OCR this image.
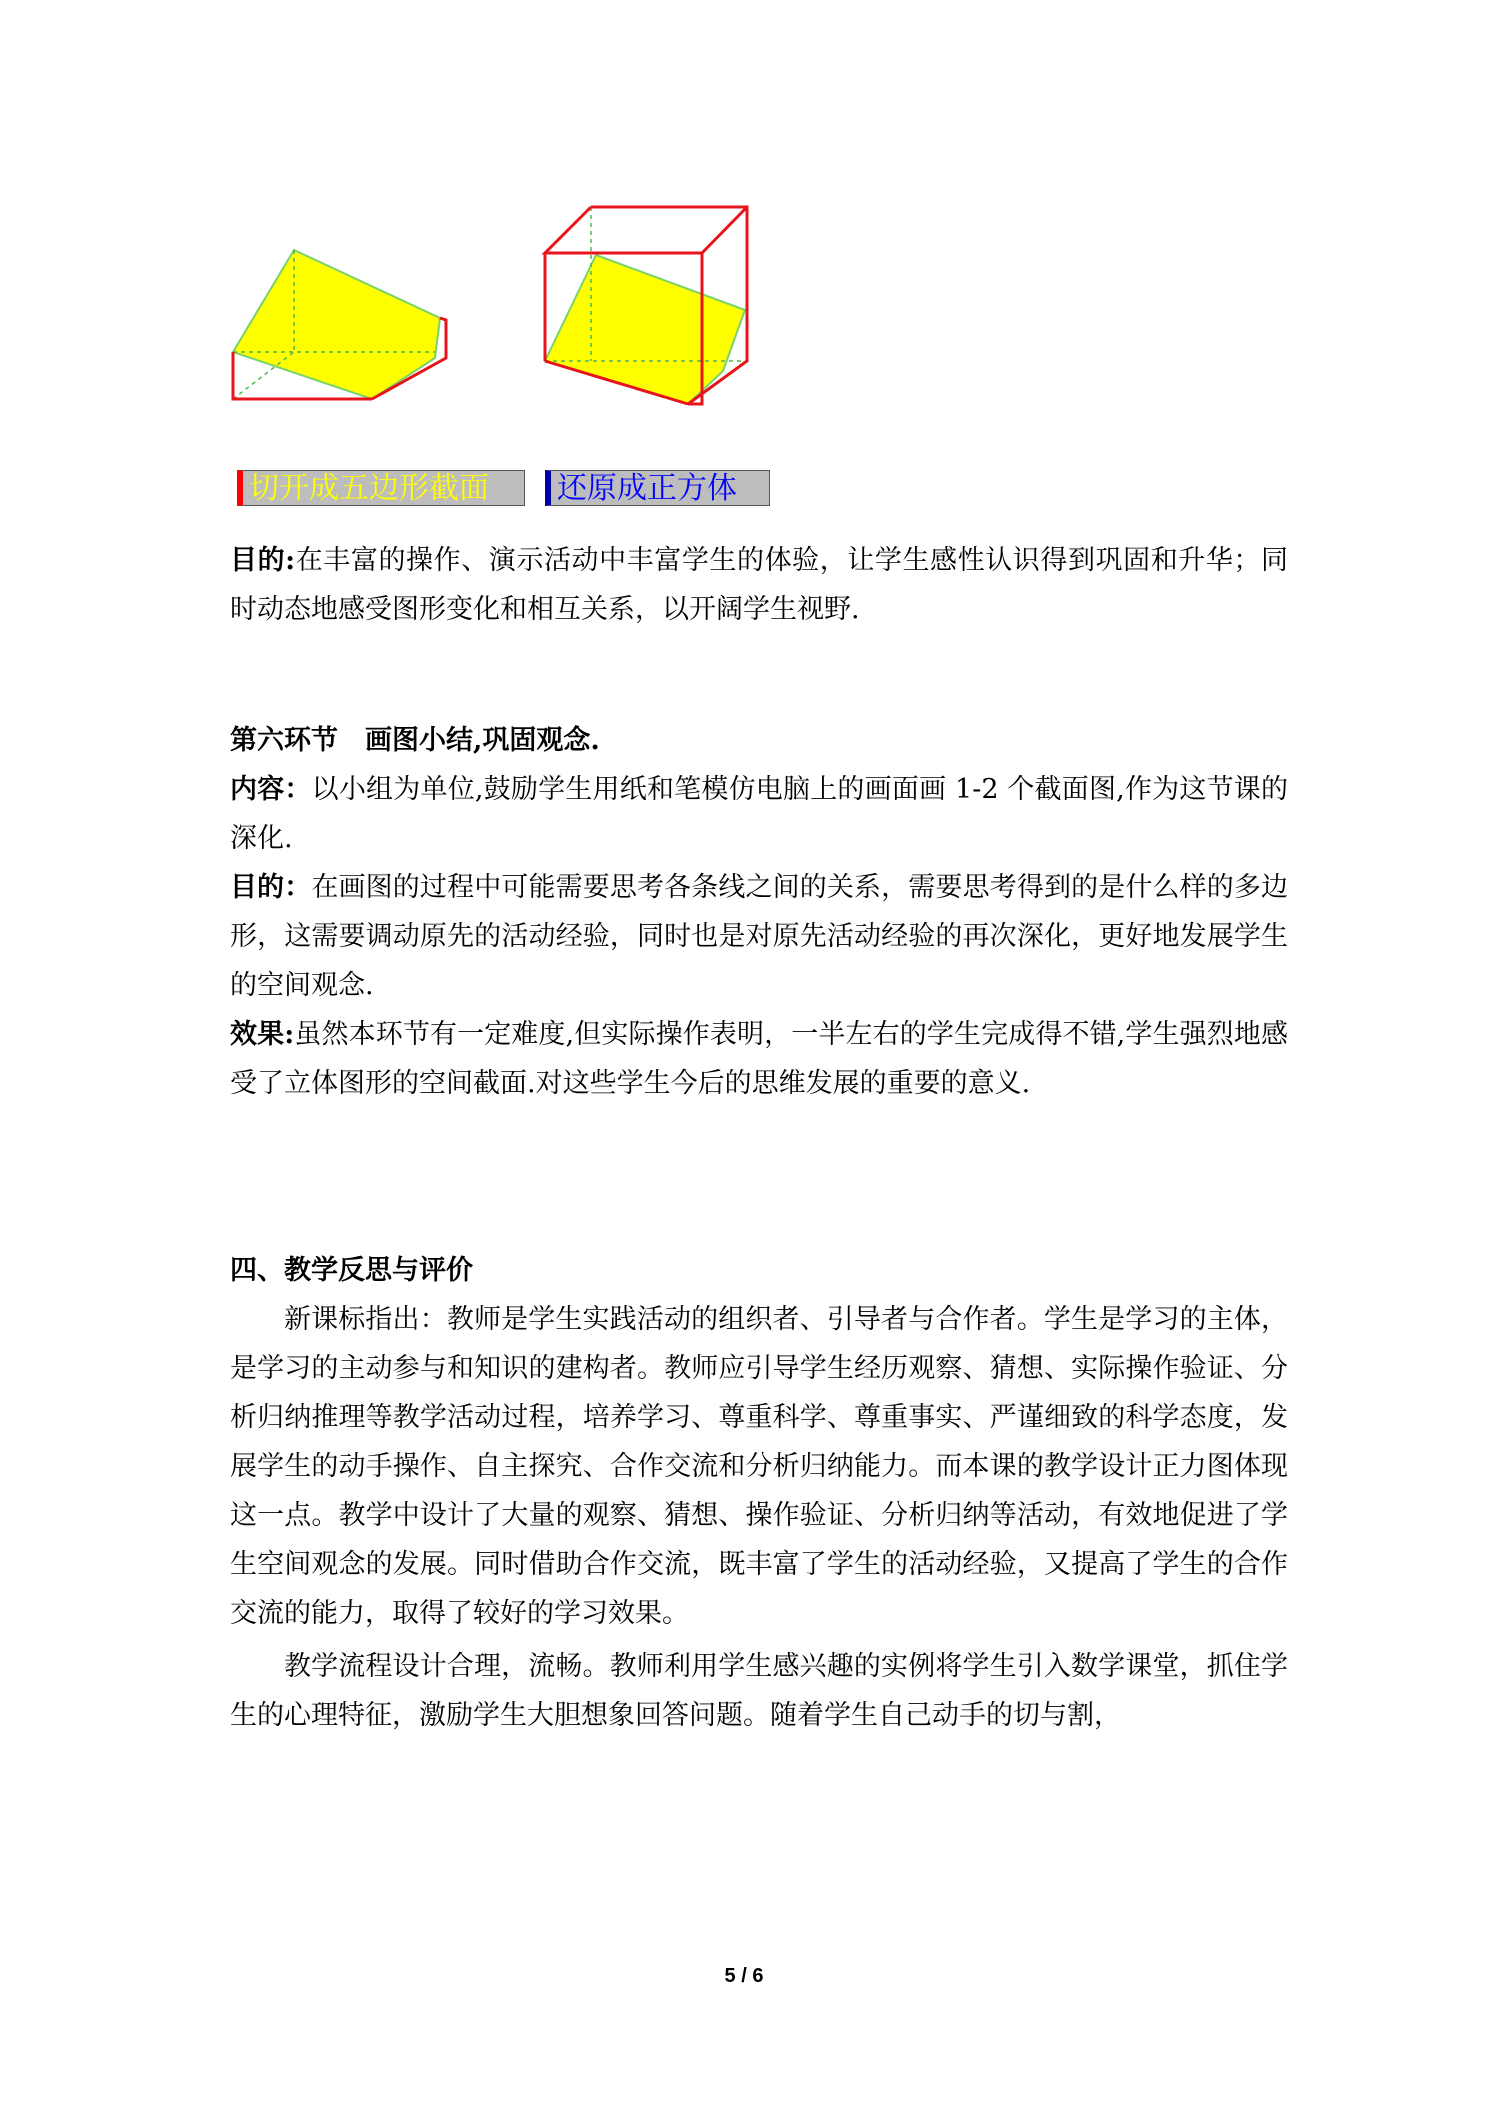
切开成五边形截面	还原成正方体

目的:在丰富的操作、演示活动中丰富学生的体验，让学生感性认识得到巩固和升华；同时动态地感受图形变化和相互关系，以开阔学生视野.

第六环节　画图小结,巩固观念.

内容：以小组为单位,鼓励学生用纸和笔模仿电脑上的画面画 1-2 个截面图,作为这节课的深化.

目的：在画图的过程中可能需要思考各条线之间的关系，需要思考得到的是什么样的多边形，这需要调动原先的活动经验，同时也是对原先活动经验的再次深化，更好地发展学生的空间观念.

效果:虽然本环节有一定难度,但实际操作表明，一半左右的学生完成得不错,学生强烈地感受了立体图形的空间截面.对这些学生今后的思维发展的重要的意义.

四、教学反思与评价

新课标指出：教师是学生实践活动的组织者、引导者与合作者。学生是学习的主体，是学习的主动参与和知识的建构者。教师应引导学生经历观察、猜想、实际操作验证、分析归纳推理等教学活动过程，培养学习、尊重科学、尊重事实、严谨细致的科学态度，发展学生的动手操作、自主探究、合作交流和分析归纳能力。而本课的教学设计正力图体现这一点。教学中设计了大量的观察、猜想、操作验证、分析归纳等活动，有效地促进了学生空间观念的发展。同时借助合作交流，既丰富了学生的活动经验，又提高了学生的合作交流的能力，取得了较好的学习效果。

教学流程设计合理，流畅。教师利用学生感兴趣的实例将学生引入数学课堂，抓住学生的心理特征，激励学生大胆想象回答问题。随着学生自己动手的切与割，

5 / 6
